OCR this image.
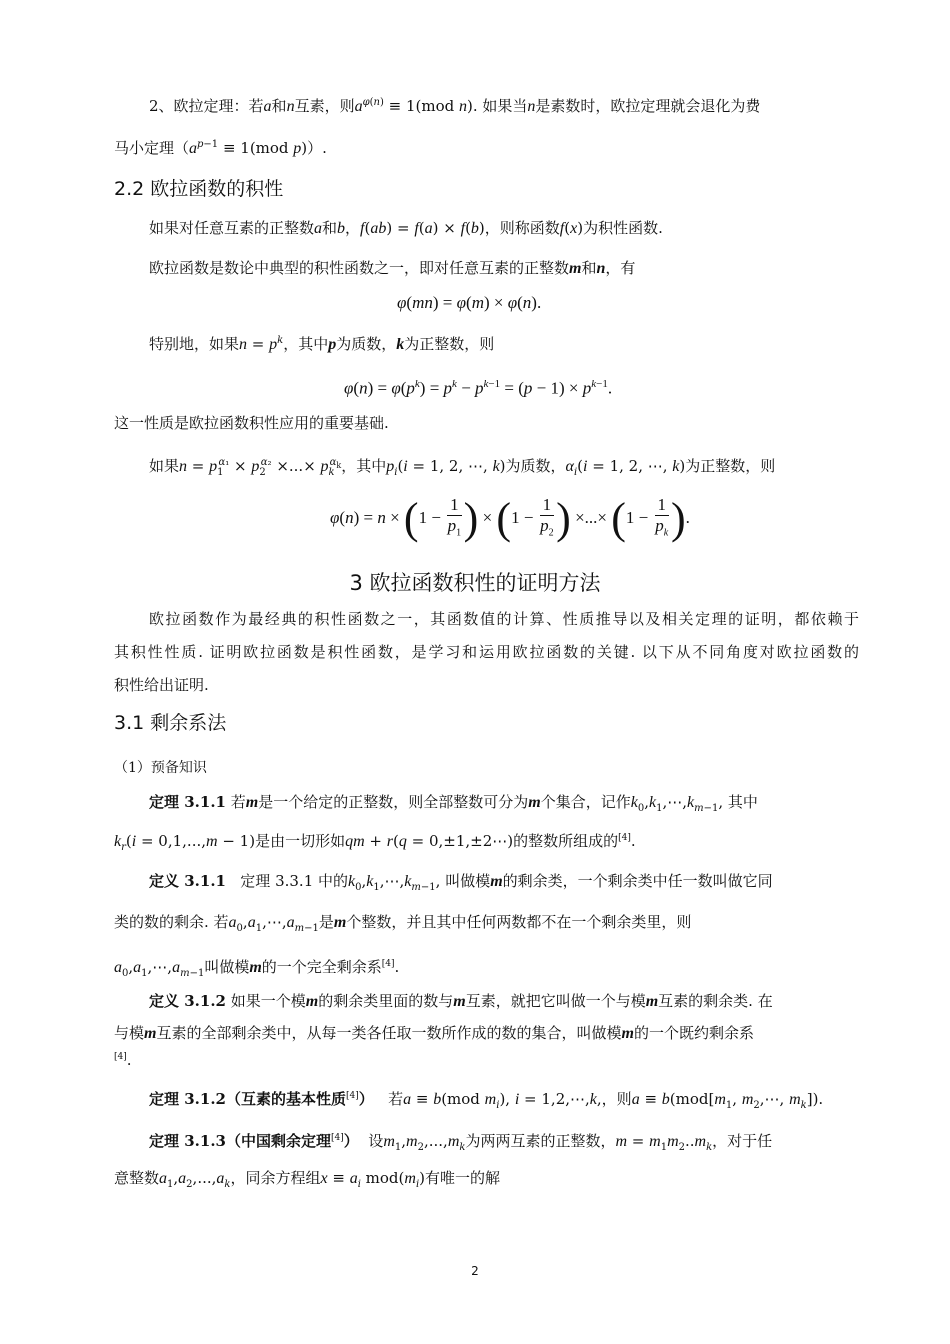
2、欧拉定理：若a和n互素，则$a^{\varphi(n)} \equiv 1(mod$ n). 如果当n是素数时，欧拉定理就会退化为费
马小定理（$a^{p-1} \equiv 1(mod$ p)）.
2.2 欧拉函数的积性
如果对任意互素的正整数a和b，f(ab) = f(a) × f(b)，则称函数f(x)为积性函数.
欧拉函数是数论中典型的积性函数之一，即对任意互素的正整数m和n，有
φ(mn) = φ(m) × φ(n).
特别地，如果$n = p^k$，其中p为质数，k为正整数，则
$\varphi(n) = \varphi(p^k) = p^k - p^{k-1} = (p - 1) \times p^{k-1}$.
这一性质是欧拉函数积性应用的重要基础.
如果$n = p_1^{\alpha_1} \times p_2^{\alpha_2}$ ×...× $p_k^{\alpha_k}$，其中$p_i(i = 1$, 2, ⋯, k)为质数，$\alpha_i(i = 1$, 2, ⋯, k)为正整数，则
$\varphi(n) = n \times (1 - \frac{1}{p_1}$ ) × ($1 - \frac{1}{p_2}$ ) ×...× ($1 - \frac{1}{p_k}$ ).
3 欧拉函数积性的证明方法
欧拉函数作为最经典的积性函数之一，其函数值的计算、性质推导以及相关定理的证明，都依赖于
其积性性质. 证明欧拉函数是积性函数，是学习和运用欧拉函数的关键. 以下从不同角度对欧拉函数的
积性给出证明.
3.1 剩余系法
（1）预备知识
定理 3.1.1 若m是一个给定的正整数，则全部整数可分为m个集合，记作$k_0,k_1,\cdots,k_{m-1}$, 其中
$k_r(i = 0,1,...,m - 1)$是由一切形如qm + r(q = 0,±1,±2⋯)的整数所组成的[4].
定义 3.1.1 定理 3.3.1 中的$k_0,k_1,\cdots,k_{m-1}$, 叫做模m的剩余类，一个剩余类中任一数叫做它同
类的数的剩余. 若$a_0,a_1,\cdots,a_{m-1}$是m个整数，并且其中任何两数都不在一个剩余类里，则
$a_0,a_1,\cdots,a_{m-1}$叫做模m的一个完全剩余系[4].
定义 3.1.2 如果一个模m的剩余类里面的数与m互素，就把它叫做一个与模m互素的剩余类. 在
与模m互素的全部剩余类中，从每一类各任取一数所作成的数的集合，叫做模m的一个既约剩余系
[4].
定理 3.1.2（互素的基本性质[4]） 若a ≡ b(mod $m_i$), i = 1,2,⋯,k,，则$a \equiv b(mod[m_1$, $m_2,\cdots$, $m_k$]).
定理 3.1.3（中国剩余定理[4]） 设$m_1,m_2,...,m_k$为两两互素的正整数，$m = m_1m_2..m_k$，对于任
意整数$a_1,a_2,...,a_k$，同余方程组$x \equiv a_i$ $mod(m_i)$有唯一的解
2
